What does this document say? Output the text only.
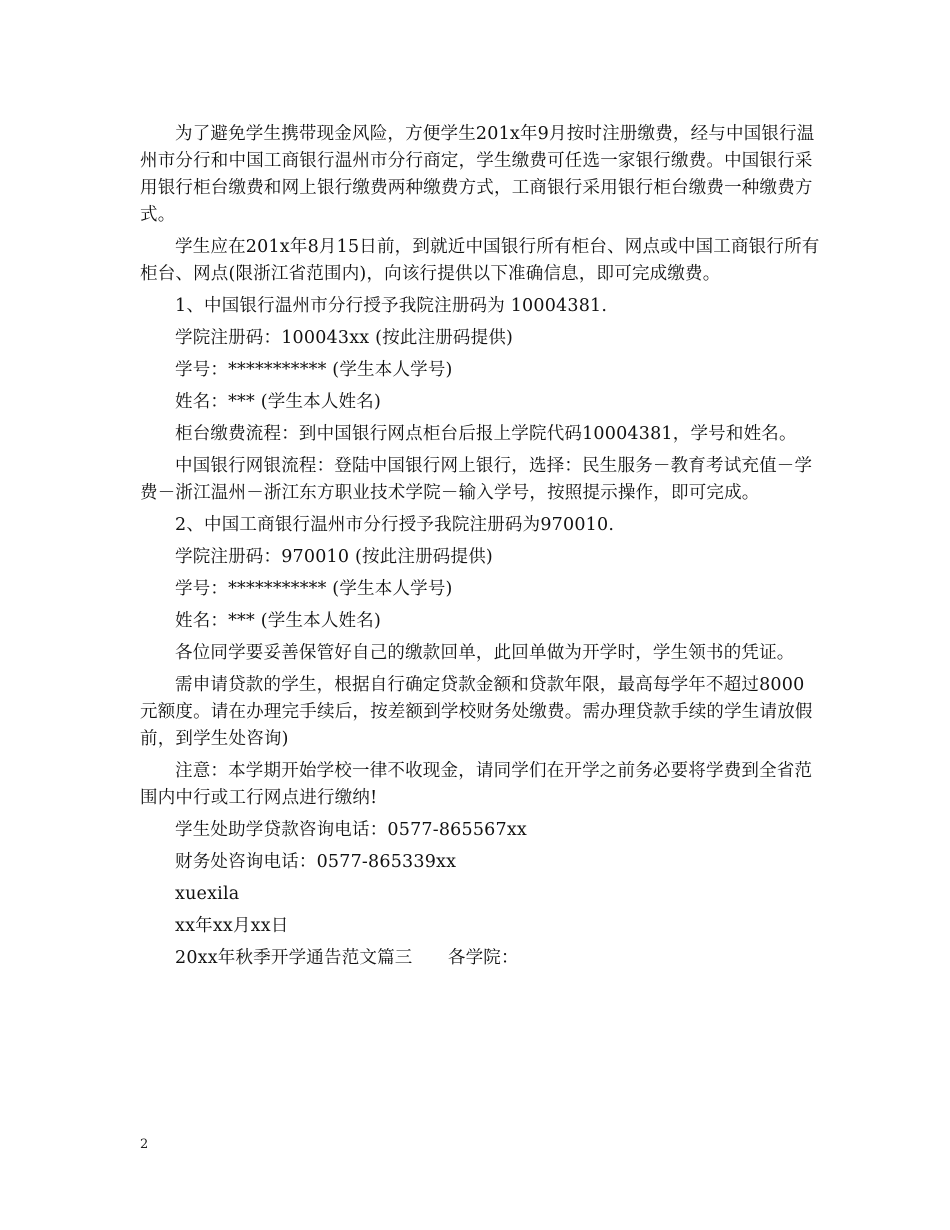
为了避免学生携带现金风险，方便学生201x年9月按时注册缴费，经与中国银行温州市分行和中国工商银行温州市分行商定，学生缴费可任选一家银行缴费。中国银行采用银行柜台缴费和网上银行缴费两种缴费方式，工商银行采用银行柜台缴费一种缴费方式。

学生应在201x年8月15日前，到就近中国银行所有柜台、网点或中国工商银行所有柜台、网点(限浙江省范围内)，向该行提供以下准确信息，即可完成缴费。

1、中国银行温州市分行授予我院注册码为 10004381.

学院注册码：100043xx (按此注册码提供)

学号：*********** (学生本人学号)

姓名：*** (学生本人姓名)

柜台缴费流程：到中国银行网点柜台后报上学院代码10004381，学号和姓名。

中国银行网银流程：登陆中国银行网上银行，选择：民生服务－教育考试充值－学费－浙江温州－浙江东方职业技术学院－输入学号，按照提示操作，即可完成。

2、中国工商银行温州市分行授予我院注册码为970010.

学院注册码：970010 (按此注册码提供)

学号：*********** (学生本人学号)

姓名：*** (学生本人姓名)

各位同学要妥善保管好自己的缴款回单，此回单做为开学时，学生领书的凭证。

需申请贷款的学生，根据自行确定贷款金额和贷款年限，最高每学年不超过8000元额度。请在办理完手续后，按差额到学校财务处缴费。需办理贷款手续的学生请放假前，到学生处咨询)

注意：本学期开始学校一律不收现金，请同学们在开学之前务必要将学费到全省范围内中行或工行网点进行缴纳!

学生处助学贷款咨询电话：0577-865567xx

财务处咨询电话：0577-865339xx

xuexila

xx年xx月xx日

20xx年秋季开学通告范文篇三　　各学院：

2
